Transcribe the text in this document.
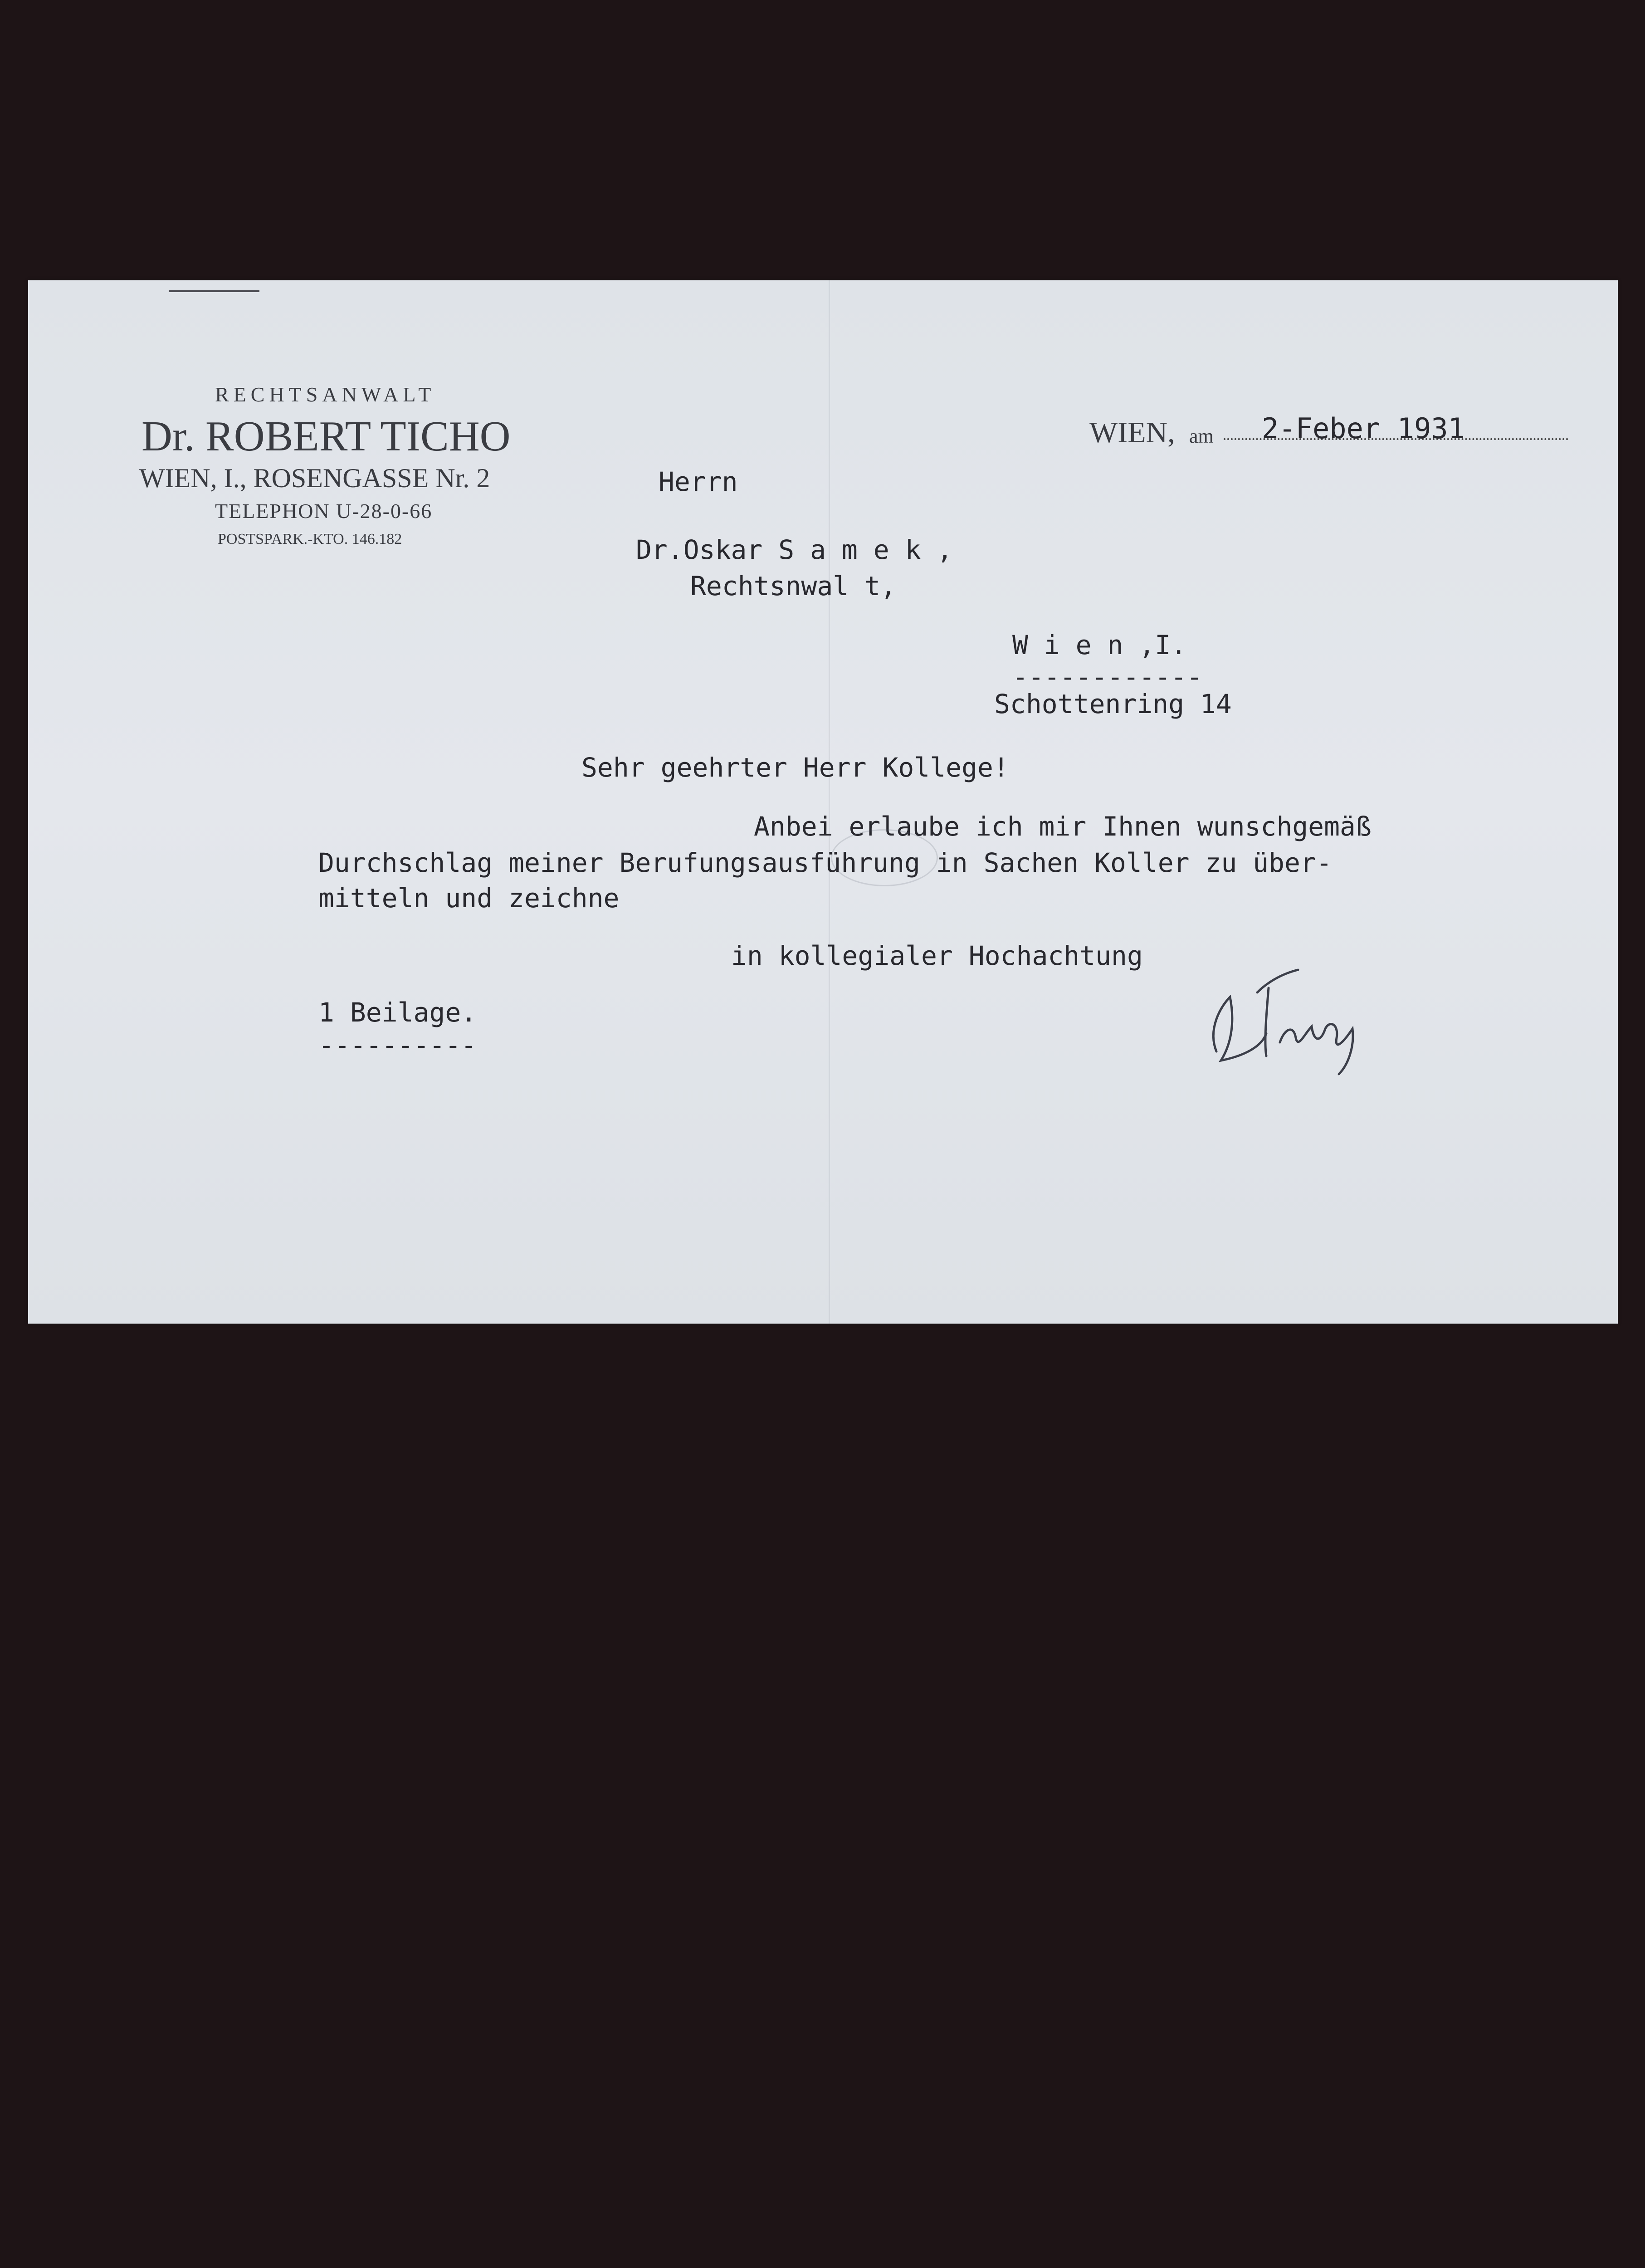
RECHTSANWALT
Dr. ROBERT TICHO
WIEN, I., ROSENGASSE Nr. 2
TELEPHON U-28-0-66
POSTSPARK.-KTO. 146.182
WIEN, am 2-Feber 1931
Herrn
Dr.Oskar S a m e k ,
Rechtsnwal t,
W i e n ,I.
------------
Schottenring 14
Sehr geehrter Herr Kollege!
Anbei erlaube ich mir Ihnen wunschgemäß
Durchschlag meiner Berufungsausführung in Sachen Koller zu über-
mitteln und zeichne
in kollegialer Hochachtung
1 Beilage.
----------
